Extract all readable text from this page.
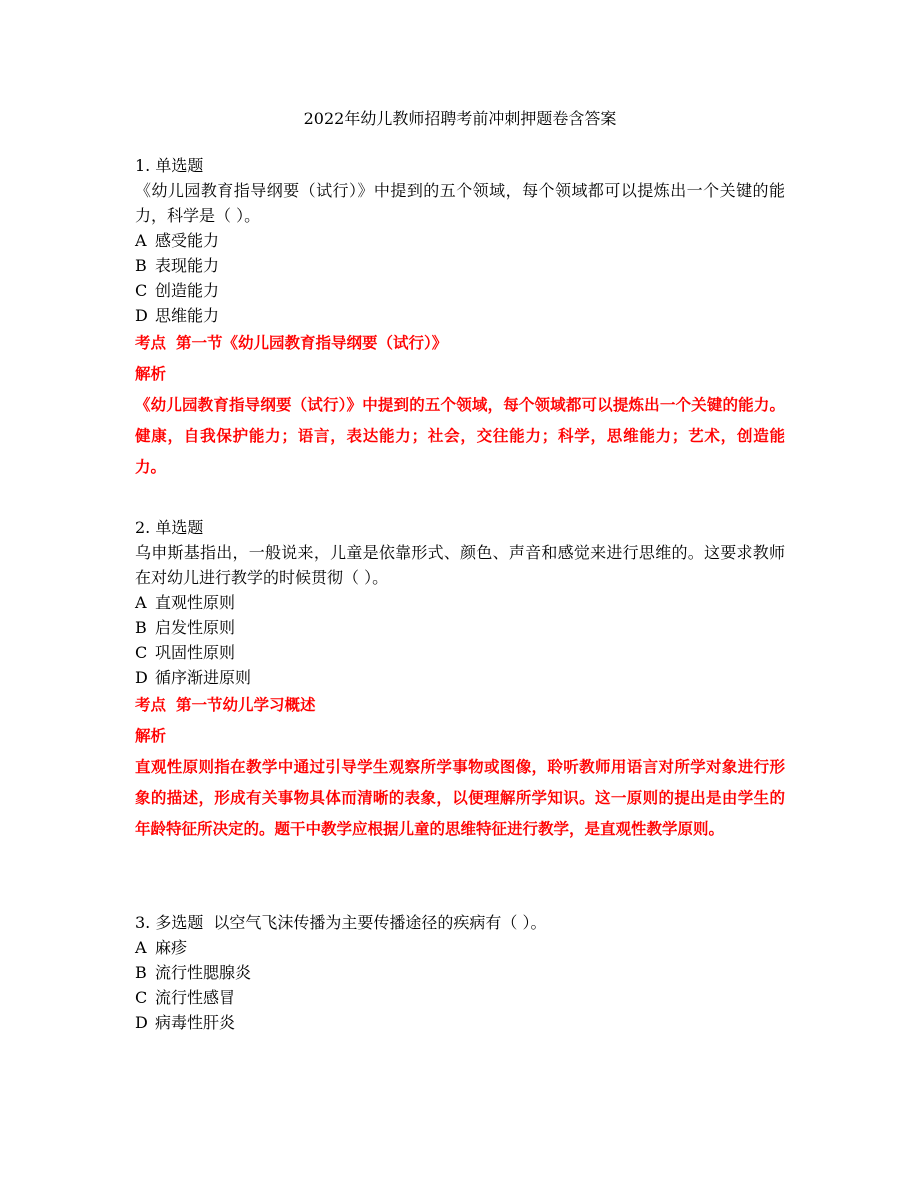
2022年幼儿教师招聘考前冲刺押题卷含答案
1. 单选题
《幼儿园教育指导纲要（试行）》中提到的五个领域，每个领域都可以提炼出一个关键的能力，科学是（ ）。
A 感受能力
B 表现能力
C 创造能力
D 思维能力
考点 第一节《幼儿园教育指导纲要（试行）》
解析
《幼儿园教育指导纲要（试行）》中提到的五个领域，每个领域都可以提炼出一个关键的能力。健康，自我保护能力；语言，表达能力；社会，交往能力；科学，思维能力；艺术，创造能力。
2. 单选题
乌申斯基指出，一般说来，儿童是依靠形式、颜色、声音和感觉来进行思维的。这要求教师在对幼儿进行教学的时候贯彻（ ）。
A 直观性原则
B 启发性原则
C 巩固性原则
D 循序渐进原则
考点 第一节幼儿学习概述
解析
直观性原则指在教学中通过引导学生观察所学事物或图像，聆听教师用语言对所学对象进行形象的描述，形成有关事物具体而清晰的表象，以便理解所学知识。这一原则的提出是由学生的年龄特征所决定的。题干中教学应根据儿童的思维特征进行教学，是直观性教学原则。
3. 多选题 以空气飞沫传播为主要传播途径的疾病有（ ）。
A 麻疹
B 流行性腮腺炎
C 流行性感冒
D 病毒性肝炎
